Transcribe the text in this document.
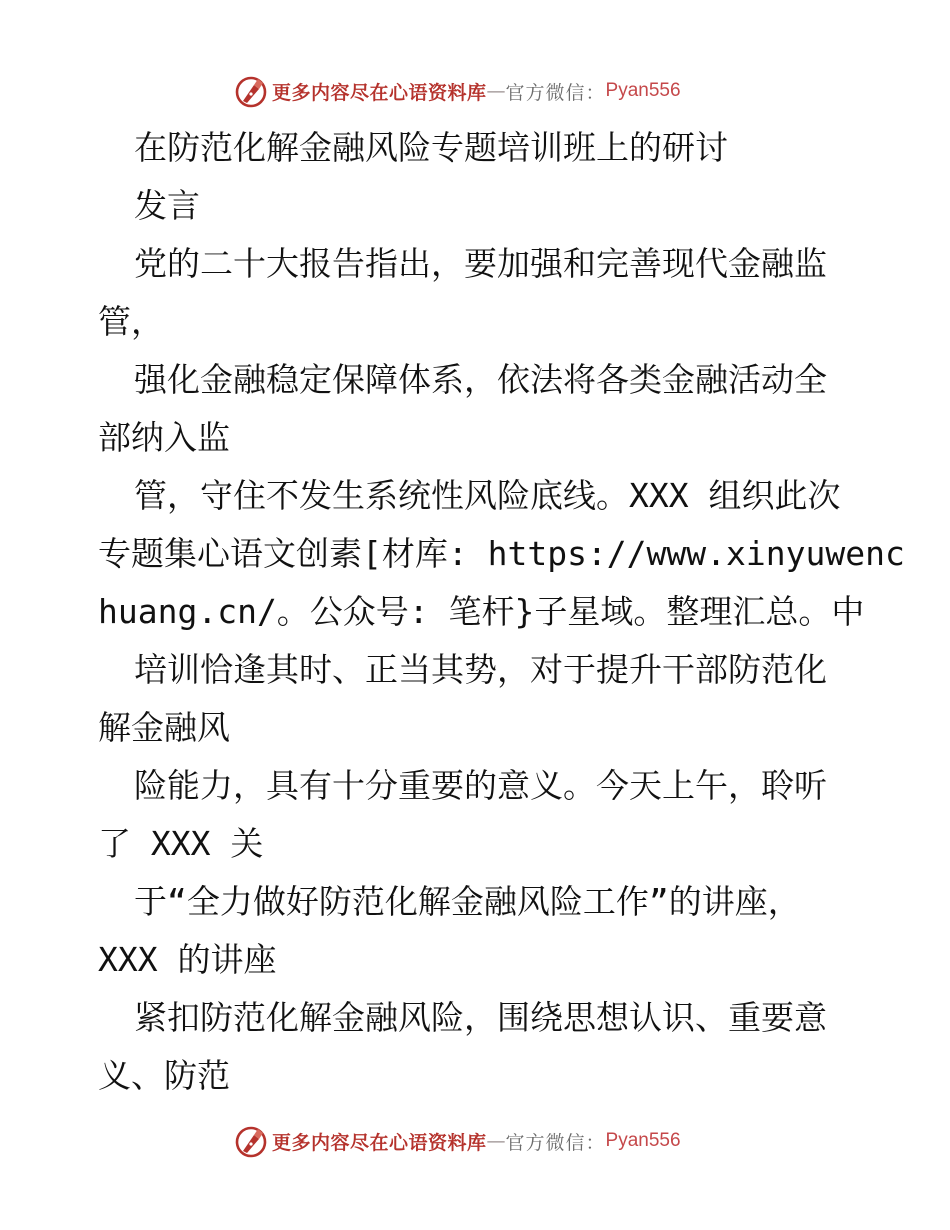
更多内容尽在心语资料库 — 官方微信： Pyan556
在防范化解金融风险专题培训班上的研讨
发言
党的二十大报告指出，要加强和完善现代金融监
管，
强化金融稳定保障体系，依法将各类金融活动全
部纳入监
管，守住不发生系统性风险底线。XXX 组织此次
专题集心语文创素[材库: https://www.xinyuwenc
huang.cn/。公众号: 笔杆}子星域。整理汇总。中
培训恰逢其时、正当其势，对于提升干部防范化
解金融风
险能力，具有十分重要的意义。今天上午，聆听
了 XXX 关
于“全力做好防范化解金融风险工作”的讲座，
XXX 的讲座
紧扣防范化解金融风险，围绕思想认识、重要意
义、防范
更多内容尽在心语资料库 — 官方微信： Pyan556
